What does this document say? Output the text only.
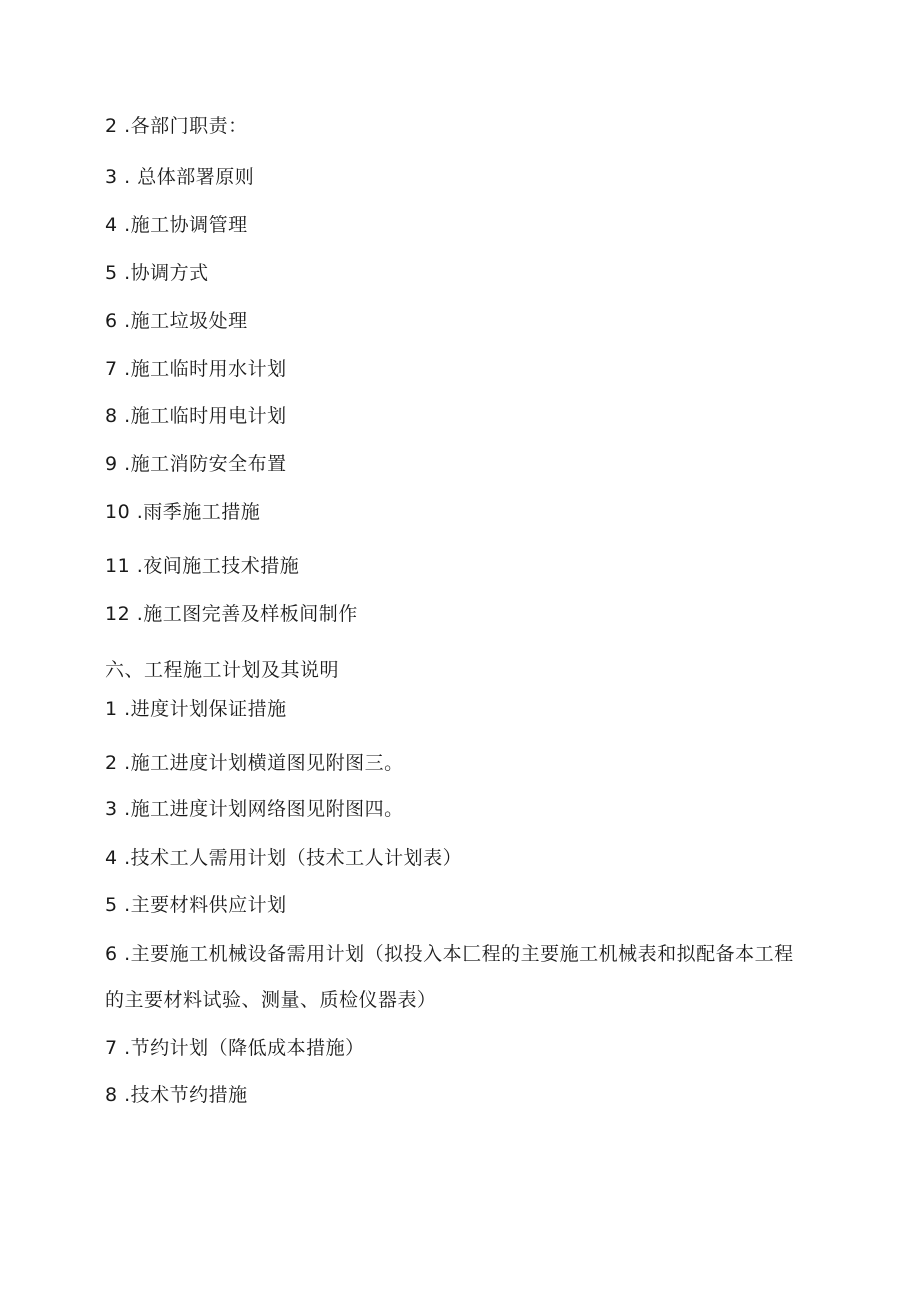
2 .各部门职责：
3 . 总体部署原则
4 .施工协调管理
5 .协调方式
6 .施工垃圾处理
7 .施工临时用水计划
8 .施工临时用电计划
9 .施工消防安全布置
10 .雨季施工措施
11 .夜间施工技术措施
12 .施工图完善及样板间制作
六、工程施工计划及其说明
1 .进度计划保证措施
2 .施工进度计划横道图见附图三。
3 .施工进度计划网络图见附图四。
4 .技术工人需用计划（技术工人计划表）
5 .主要材料供应计划
6 .主要施工机械设备需用计划（拟投入本匚程的主要施工机械表和拟配备本工程的主要材料试验、测量、质检仪器表）
7 .节约计划（降低成本措施）
8 .技术节约措施
